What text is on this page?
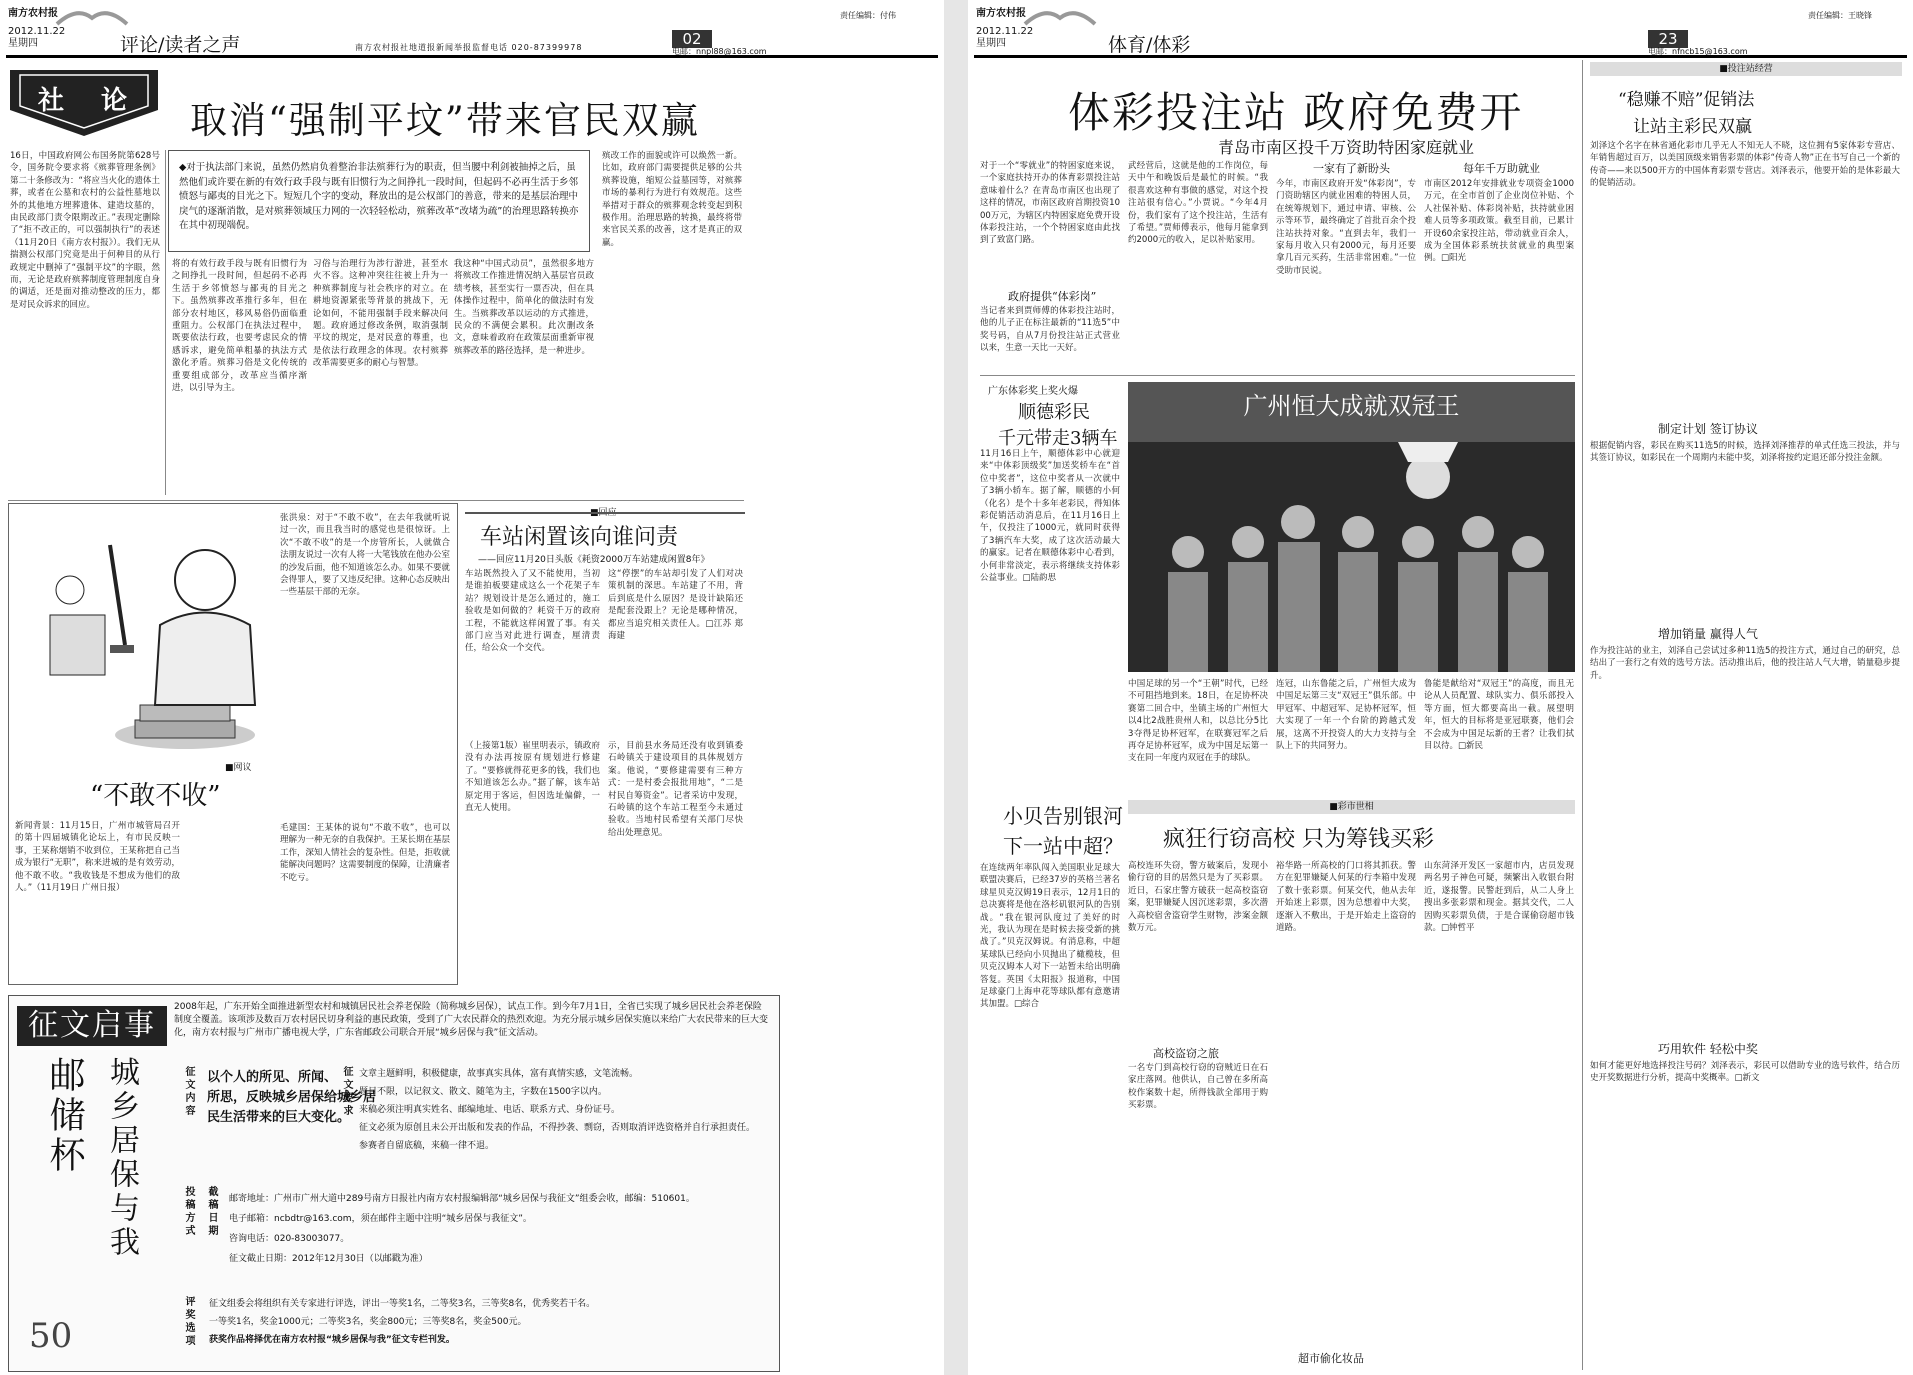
南方农村报
2012.11.22
星期四	评论/读者之声	南方农村报社地道报新闻举报监督电话 020-87399978	02
责任编辑：付伟
电邮：nnpl88@163.com
社 论 取消“强制平坟”带来官民双赢
◆对于执法部门来说，虽然仍然肩负着整治非法殡葬行为的职责，但当腰中利剑被抽掉之后，虽然他们或许要在新的有效行政手段与既有旧惯行为之间挣扎一段时间，但起码不必再生活于乡邻愤怒与鄙夷的目光之下。短短几个字的变动，释放出的是公权部门的善意，带来的是基层治理中戾气的逐渐消散，是对殡葬领域压力网的一次轻轻松动，殡葬改革“改堵为疏”的治理思路转换亦在其中初现端倪。
16日，中国政府网公布国务院第628号令，国务院令要求将《殡葬管理条例》第二十条修改为：“将应当火化的遗体土葬，或者在公墓和农村的公益性墓地以外的其他地方埋葬遗体、建造坟墓的，由民政部门责令限期改正。”表现定删除了“拒不改正的，可以强制执行”的表述（11月20日《南方农村报》）。我们无从揣测公权部门究竟是出于何种目的从行政规定中删掉了“强制平坟”的字眼，然而，无论是政府殡葬制度管理制度自身的调适，还是面对推动整改的压力，都是对民众诉求的回应。
将的有效行政手段与既有旧惯行为之间挣扎一段时间，但起码不必再生活于乡邻愤怒与鄙夷的目光之下。虽然殡葬改革推行多年，但在部分农村地区，移风易俗仍面临重重阻力。公权部门在执法过程中，既要依法行政，也要考虑民众的情感诉求，避免简单粗暴的执法方式激化矛盾。殡葬习俗是文化传统的重要组成部分，改革应当循序渐进，以引导为主。
习俗与治理行为涉行游进，甚至水火不容。这种冲突往往被上升为一种殡葬制度与社会秩序的对立。在耕地资源紧张等背景的挑战下，无论如何，不能用强制手段来解决问题。政府通过修改条例，取消强制平坟的规定，是对民意的尊重，也是依法行政理念的体现。农村殡葬改革需要更多的耐心与智慧。
我这种“中国式动员”，虽然很多地方将殡改工作推进情况纳入基层官员政绩考核，甚至实行一票否决，但在具体操作过程中，简单化的做法时有发生。当殡葬改革以运动的方式推进，民众的不满便会累积。此次删改条文，意味着政府在政策层面重新审视殡葬改革的路径选择，是一种进步。
殡改工作的面貌或许可以焕然一新。比如，政府部门需要提供足够的公共殡葬设施，缩短公益墓园等，对殡葬市场的暴利行为进行有效规范。这些举措对于群众的殡葬观念转变起到积极作用。治理思路的转换，最终将带来官民关系的改善，这才是真正的双赢。
■网议
“不敢不收”
新闻背景：11月15日，广州市城管局召开的第十四届城镇化论坛上，有市民反映一事，王某称烟销不收到位，王某称把自己当成为银行“无职”，称来进城的是有效劳动，他不敢不收。“我收钱是不想成为他们的敌人。”（11月19日 广州日报）
张洪泉：对于“不敢不收”，在去年我就听说过一次，而且我当时的感觉也是很惊讶。上次“不敢不收”的是一个房管所长，人就做合法朋友说过一次有人将一大笔钱放在他办公室的沙发后面，他不知道该怎么办。如果不要就会得罪人，要了又违反纪律。这种心态反映出一些基层干部的无奈。
毛建国：王某体的说句“不敢不收”，也可以理解为一种无奈的自我保护。王某长期在基层工作，深知人情社会的复杂性。但是，拒收就能解决问题吗？这需要制度的保障，让清廉者不吃亏。
■回应
车站闲置该向谁问责
——回应11月20日头版《耗资2000万车站建成闲置8年》
车站既然投入了又不能使用，当初是谁拍板要建成这么一个花架子车站？规划设计是怎么通过的，施工验收是如何做的？耗资千万的政府工程，不能就这样闲置了事。有关部门应当对此进行调查，厘清责任，给公众一个交代。
这“停摆”的车站却引发了人们对决策机制的深思。车站建了不用，背后到底是什么原因？是设计缺陷还是配套没跟上？无论是哪种情况，都应当追究相关责任人。□江苏 郑海建
（上接第1版）崔里明表示，镇政府没有办法再按原有规划进行修建了。“要修就得花更多的钱，我们也不知道该怎么办。”据了解，该车站原定用于客运，但因选址偏僻，一直无人使用。
示，目前县水务局还没有收到镇委石岭镇关于建设项目的具体规划方案。他说，“要修建需要有三种方式：一是村委会报批用地”，“二是村民自筹资金”。记者采访中发现，石岭镇的这个车站工程至今未通过验收。当地村民希望有关部门尽快给出处理意见。
征文启事
2008年起，广东开始全面推进新型农村和城镇居民社会养老保险（简称城乡居保），试点工作。到今年7月1日，全省已实现了城乡居民社会养老保险制度全覆盖。该项涉及数百万农村居民切身利益的惠民政策，受到了广大农民群众的热烈欢迎。为充分展示城乡居保实施以来给广大农民带来的巨大变化，南方农村报与广州市广播电视大学，广东省邮政公司联合开展“城乡居保与我”征文活动。
邮储杯 城乡居保与我	征文内容 以个人的所见、所闻、
所思，反映城乡居保给城乡居
民生活带来的巨大变化。
征文要求 文章主题鲜明，积极健康，故事真实具体，富有真情实感，文笔流畅。
题目不限，以记叙文、散文、随笔为主，字数在1500字以内。
来稿必须注明真实姓名、邮编地址、电话、联系方式、身份证号。
征文必须为原创且未公开出版和发表的作品，不得抄袭、剽窃，否则取消评选资格并自行承担责任。
参赛者自留底稿，来稿一律不退。
投稿方式 截稿日期 邮寄地址：广州市广州大道中289号南方日报社内南方农村报编辑部“城乡居保与我征文”组委会收，邮编：510601。
电子邮箱：ncbdtr@163.com，须在邮件主题中注明“城乡居保与我征文”。
咨询电话：020-83003077。
征文截止日期：2012年12月30日（以邮戳为准）
评奖选项 征文组委会将组织有关专家进行评选，评出一等奖1名，二等奖3名，三等奖8名，优秀奖若干名。
一等奖1名，奖金1000元；二等奖3名，奖金800元；三等奖8名，奖金500元。
获奖作品将择优在南方农村报“城乡居保与我”征文专栏刊发。
50
南方农村报
2012.11.22
星期四	体育/体彩	23
责任编辑：王晓锋
电邮：nfncb15@163.com
体彩投注站 政府免费开
青岛市南区投千万资助特困家庭就业
对于一个“零就业”的特困家庭来说，一个家庭扶持开办的体育彩票投注站意味着什么？在青岛市南区也出现了这样的情况，市南区政府首期投资1000万元，为辖区内特困家庭免费开设体彩投注站，一个个特困家庭由此找到了致富门路。
政府提供“体彩岗”
当记者来到贾师傅的体彩投注站时，他的儿子正在标注最新的“11选5”中奖号码，自从7月份投注站正式营业以来，生意一天比一天好。
武经营后，这就是他的工作岗位，每天中午和晚饭后是最忙的时候。“我很喜欢这种有事做的感觉，对这个投注站很有信心。”小贾说。“今年4月份，我们家有了这个投注站，生活有了希望。”贾师傅表示，他每月能拿到约2000元的收入，足以补贴家用。
一家有了新盼头
今年，市南区政府开发“体彩岗”，专门资助辖区内就业困难的特困人员，在统筹规划下，通过申请、审核、公示等环节，最终确定了首批百余个投注站扶持对象。“直到去年，我们一家每月收入只有2000元，每月还要拿几百元买药，生活非常困难。”一位受助市民说。
每年千万助就业
市南区2012年安排就业专项资金1000万元，在全市首创了企业岗位补贴、个人社保补贴、体彩岗补贴，扶持就业困难人员等多项政策。截至目前，已累计开设60余家投注站，带动就业百余人，成为全国体彩系统扶贫就业的典型案例。□阳光
广东体彩奖上奖火爆
顺德彩民
千元带走3辆车
11月16日上午，顺德体彩中心就迎来“中体彩顶级奖”加送奖轿车在“首位中奖者”，这位中奖者从一次就中了3辆小轿车。据了解，顺德的小何（化名）是个十多年老彩民，得知体彩促销活动消息后，在11月16日上午，仅投注了1000元，就同时获得了3辆汽车大奖，成了这次活动最大的赢家。记者在顺德体彩中心看到，小何非常淡定，表示将继续支持体彩公益事业。□陆韵思
广州恒大成就双冠王
中国足球的另一个“王朝”时代，已经不可阻挡地到来。18日，在足协杯决赛第二回合中，坐镇主场的广州恒大以4比2战胜贵州人和，以总比分5比3夺得足协杯冠军，在联赛冠军之后再夺足协杯冠军，成为中国足坛第一支在同一年度内双冠在手的球队。
连冠，山东鲁能之后，广州恒大成为中国足坛第三支“双冠王”俱乐部。中甲冠军、中超冠军、足协杯冠军，恒大实现了一年一个台阶的跨越式发展，这离不开投资人的大力支持与全队上下的共同努力。
鲁能是献给对“双冠王”的高度，而且无论从人员配置、球队实力、俱乐部投入等方面，恒大都要高出一截。展望明年，恒大的目标将是亚冠联赛，他们会不会成为中国足坛新的王者？让我们拭目以待。□新民
小贝告别银河
下一站中超？
在连续两年率队闯入美国职业足球大联盟决赛后，已经37岁的英格兰著名球星贝克汉姆19日表示，12月1日的总决赛将是他在洛杉矶银河队的告别战。“我在银河队度过了美好的时光，我认为现在是时候去接受新的挑战了。”贝克汉姆说。有消息称，中超某球队已经向小贝抛出了橄榄枝，但贝克汉姆本人对下一站暂未给出明确答复。英国《太阳报》报道称，中国足球豪门上海申花等球队都有意邀请其加盟。□综合
■彩市世相
疯狂行窃高校 只为筹钱买彩
高校连环失窃，警方破案后，发现小偷行窃的目的居然只是为了买彩票。近日，石家庄警方破获一起高校盗窃案，犯罪嫌疑人因沉迷彩票，多次潜入高校宿舍盗窃学生财物，涉案金额数万元。
高校盗窃之旅
一名专门到高校行窃的窃贼近日在石家庄落网。他供认，自己曾在多所高校作案数十起，所得钱款全部用于购买彩票。
裕华路一所高校的门口将其抓获。警方在犯罪嫌疑人何某的行李箱中发现了数十张彩票。何某交代，他从去年开始迷上彩票，因为总想着中大奖，逐渐入不敷出，于是开始走上盗窃的道路。
超市偷化妆品
山东菏泽开发区一家超市内，店员发现两名男子神色可疑，频繁出入收银台附近，遂报警。民警赶到后，从二人身上搜出多张彩票和现金。据其交代，二人因购买彩票负债，于是合谋偷窃超市钱款。□钟哲平
■投注站经营
“稳赚不赔”促销法
让站主彩民双赢
刘泽这个名字在林省通化彩市几乎无人不知无人不晓，这位拥有5家体彩专营店、年销售超过百万，以美国顶级来销售彩票的体彩“传奇人物”正在书写自己一个新的传奇——来以500开方的中国体育彩票专营店。刘泽表示，他要开始的是体彩最大的促销活动。
制定计划 签订协议
根据促销内容，彩民在购买11选5的时候，选择刘泽推荐的单式任选三投法，并与其签订协议，如彩民在一个周期内未能中奖，刘泽将按约定退还部分投注金额。
增加销量 赢得人气
作为投注站的业主，刘泽自己尝试过多种11选5的投注方式，通过自己的研究，总结出了一套行之有效的选号方法。活动推出后，他的投注站人气大增，销量稳步提升。
巧用软件 轻松中奖
如何才能更好地选择投注号码？刘泽表示，彩民可以借助专业的选号软件，结合历史开奖数据进行分析，提高中奖概率。□新文
